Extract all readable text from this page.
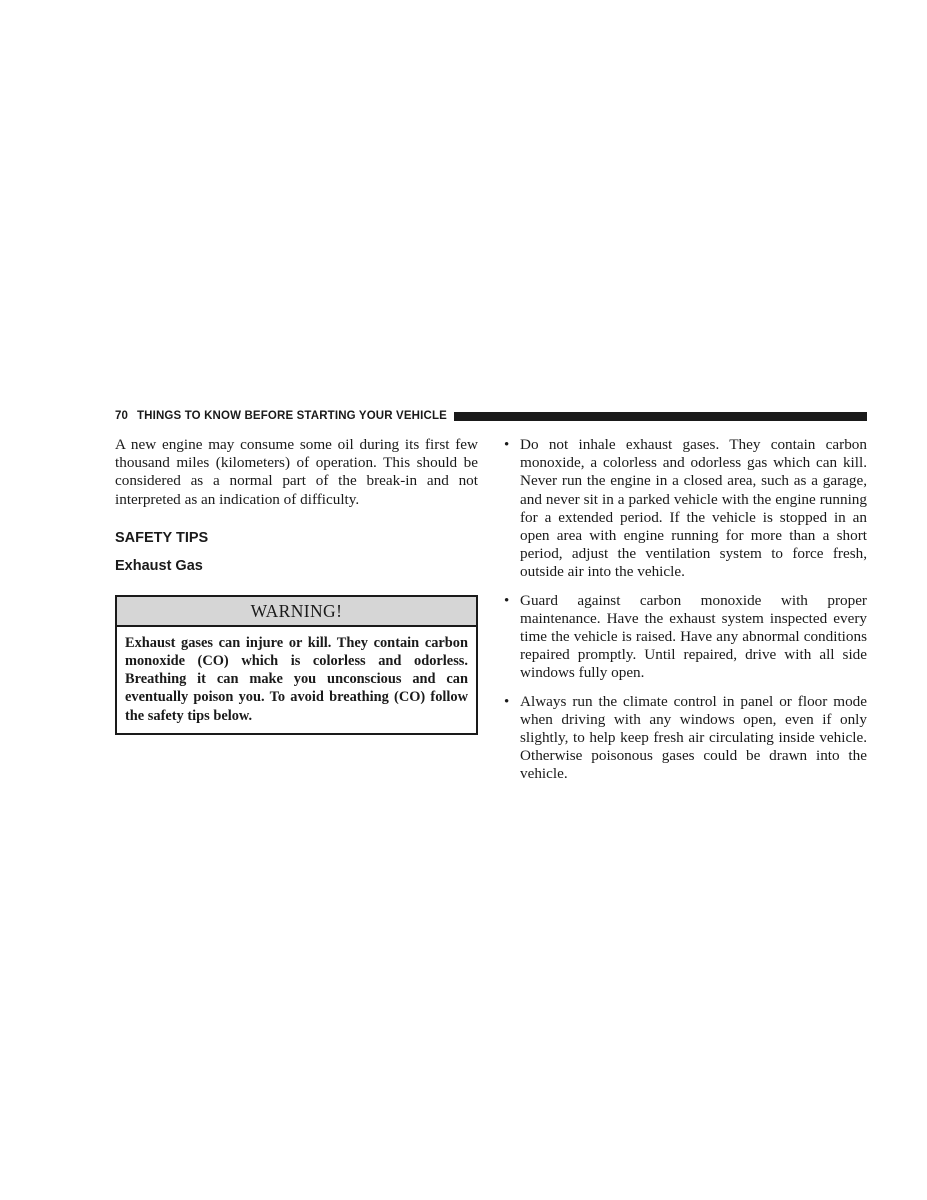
70 THINGS TO KNOW BEFORE STARTING YOUR VEHICLE

A new engine may consume some oil during its first few thousand miles (kilometers) of operation. This should be considered as a normal part of the break-in and not interpreted as an indication of difficulty.

SAFETY TIPS
Exhaust Gas
WARNING!
Exhaust gases can injure or kill. They contain carbon monoxide (CO) which is colorless and odorless. Breathing it can make you unconscious and can eventually poison you. To avoid breathing (CO) follow the safety tips below.
• Do not inhale exhaust gases. They contain carbon monoxide, a colorless and odorless gas which can kill. Never run the engine in a closed area, such as a garage, and never sit in a parked vehicle with the engine running for a extended period. If the vehicle is stopped in an open area with engine running for more than a short period, adjust the ventilation system to force fresh, outside air into the vehicle.

• Guard against carbon monoxide with proper maintenance. Have the exhaust system inspected every time the vehicle is raised. Have any abnormal conditions repaired promptly. Until repaired, drive with all side windows fully open.

• Always run the climate control in panel or floor mode when driving with any windows open, even if only slightly, to help keep fresh air circulating inside vehicle. Otherwise poisonous gases could be drawn into the vehicle.
